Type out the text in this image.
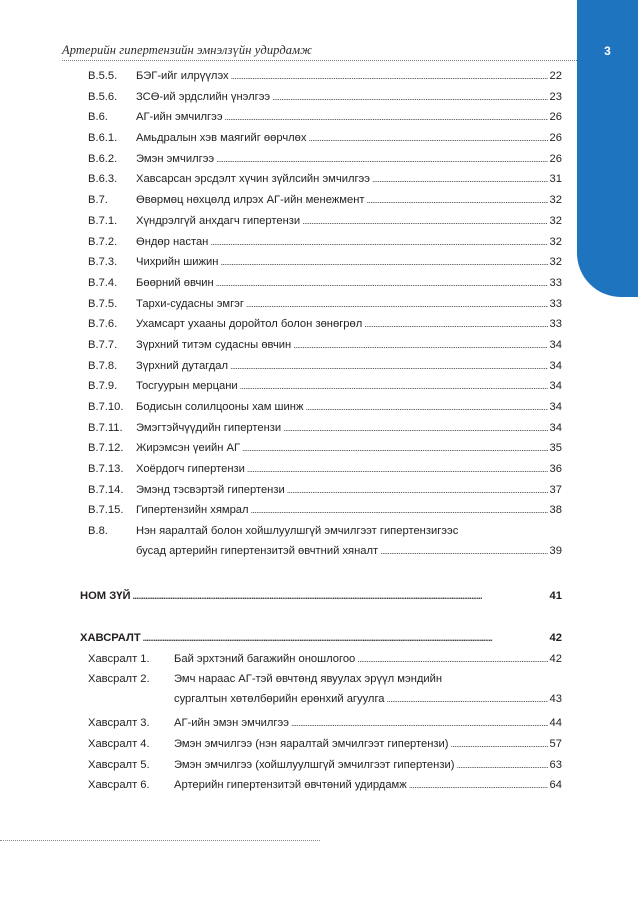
Артерийн гипертензийн эмнэлзүйн удирдамж	3
В.5.5.	БЭГ-ийг илрүүлэх . . .	22
В.5.6.	ЗСӨ-ий эрдслийн үнэлгээ . . .	23
В.6.	АГ-ийн эмчилгээ . . .	26
В.6.1.	Амьдралын хэв маягийг өөрчлөх . . .	26
В.6.2.	Эмэн эмчилгээ . . .	26
В.6.3.	Хавсарсан эрсдэлт хүчин зүйлсийн эмчилгээ . . .	31
В.7.	Өвөрмөц нөхцөлд илрэх АГ-ийн менежмент . . .	32
В.7.1.	Хүндрэлгүй анхдагч гипертензи . . .	32
В.7.2.	Өндөр настан . . .	32
В.7.3.	Чихрийн шижин . . .	32
В.7.4.	Бөөрний өвчин . . .	33
В.7.5.	Тархи-судасны эмгэг . . .	33
В.7.6.	Ухамсарт ухааны доройтол болон зөнөгрөл . . .	33
В.7.7.	Зүрхний титэм судасны өвчин . . .	34
В.7.8.	Зүрхний дутагдал . . .	34
В.7.9.	Тосгуурын мерцани . . .	34
В.7.10.	Бодисын солилцооны хам шинж . . .	34
В.7.11.	Эмэгтэйчүүдийн гипертензи . . .	34
В.7.12.	Жирэмсэн үеийн АГ . . .	35
В.7.13.	Хоёрдогч гипертензи . . .	36
В.7.14.	Эмэнд тэсвэртэй гипертензи . . .	37
В.7.15.	Гипертензийн хямрал . . .	38
В.8.	Нэн яаралтай болон хойшлуулшгүй эмчилгээт гипертензигээс
бусад артерийн гипертензитэй өвчтний хяналт . . .	39
НОМ ЗҮЙ . . .	41
ХАВСРАЛТ . . .	42
Хавсралт 1.	Бай эрхтэний багажийн оношлогоо . . .	42
Хавсралт 2.	Эмч нараас АГ-тэй өвчтөнд явуулах эрүүл мэндийн
сургалтын хөтөлбөрийн ерөнхий агуулга . . .	43
Хавсралт 3.	АГ-ийн эмэн эмчилгээ . . .	44
Хавсралт 4.	Эмэн эмчилгээ (нэн яаралтай эмчилгээт гипертензи) . . .	57
Хавсралт 5.	Эмэн эмчилгээ (хойшлуулшгүй эмчилгээт гипертензи) . . .	63
Хавсралт 6.	Артерийн гипертензитэй өвчтөний удирдамж . . .	64
